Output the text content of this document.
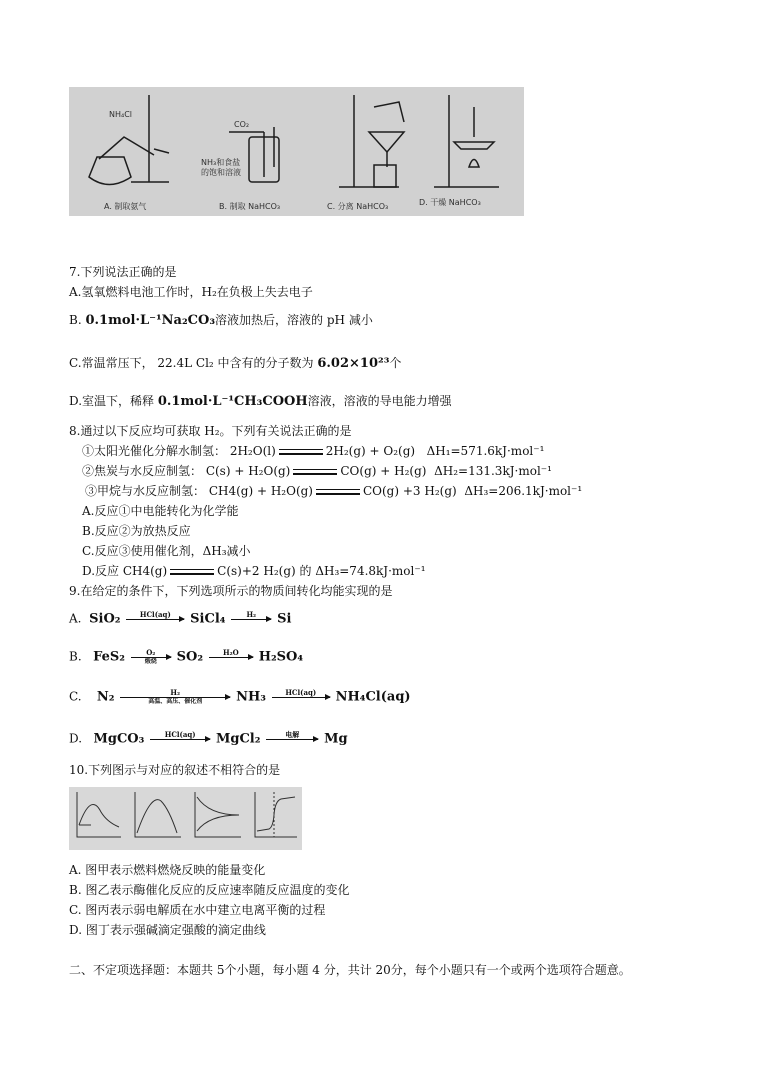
NH₄Cl
CO₂
NH₃和食盐
的饱和溶液
A. 制取氨气	B. 制取 NaHCO₃	C. 分离 NaHCO₃	D. 干燥 NaHCO₃
7.下列说法正确的是
A.氢氧燃料电池工作时，H₂在负极上失去电子
B. 0.1mol·L⁻¹Na₂CO₃溶液加热后，溶液的 pH 减小
C.常温常压下， 22.4L Cl₂ 中含有的分子数为 6.02×10²³个
D.室温下，稀释 0.1mol·L⁻¹CH₃COOH溶液，溶液的导电能力增强
8.通过以下反应均可获取 H₂。下列有关说法正确的是
①太阳光催化分解水制氢： 2H₂O(l)	2H₂(g) + O₂(g) ΔH₁=571.6kJ·mol⁻¹
②焦炭与水反应制氢： C(s) + H₂O(g)	CO(g) + H₂(g) ΔH₂=131.3kJ·mol⁻¹
③甲烷与水反应制氢： CH4(g) + H₂O(g)	CO(g) +3 H₂(g) ΔH₃=206.1kJ·mol⁻¹
A.反应①中电能转化为化学能
B.反应②为放热反应
C.反应③使用催化剂，ΔH₃减小
D.反应 CH4(g)	C(s)+2 H₂(g) 的 ΔH₃=74.8kJ·mol⁻¹
9.在给定的条件下，下列选项所示的物质间转化均能实现的是
A. SiO₂	HCl(aq)
	SiCl₄	H₂
	Si
B. FeS₂	O₂
煅烧	SO₂	H₂O
	H₂SO₄
C. N₂	H₂
高温、高压、催化剂	NH₃	HCl(aq)
	NH₄Cl(aq)
D. MgCO₃	HCl(aq)
	MgCl₂	电解
	Mg
10.下列图示与对应的叙述不相符合的是
A. 图甲表示燃料燃烧反映的能量变化
B. 图乙表示酶催化反应的反应速率随反应温度的变化
C. 图丙表示弱电解质在水中建立电离平衡的过程
D. 图丁表示强碱滴定强酸的滴定曲线
二、不定项选择题：本题共 5个小题，每小题 4 分，共计 20分，每个小题只有一个或两个选项符合题意。
